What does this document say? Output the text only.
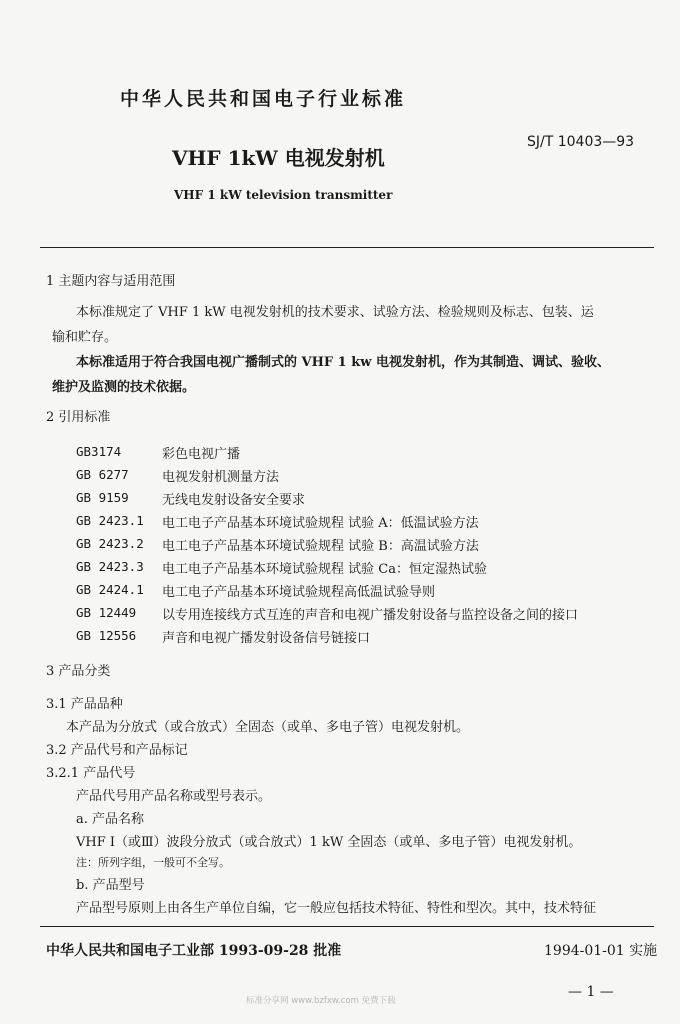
中华人民共和国电子行业标准
SJ/T 10403—93
VHF 1kW 电视发射机
VHF 1 kW television transmitter
1 主题内容与适用范围
本标准规定了 VHF 1 kW 电视发射机的技术要求、试验方法、检验规则及标志、包装、运
输和贮存。
本标准适用于符合我国电视广播制式的 VHF 1 kw 电视发射机，作为其制造、调试、验收、
维护及监测的技术依据。
2 引用标准
GB3174	彩色电视广播
GB 6277	电视发射机测量方法
GB 9159	无线电发射设备安全要求
GB 2423.1 电工电子产品基本环境试验规程 试验 A：低温试验方法
GB 2423.2 电工电子产品基本环境试验规程 试验 B：高温试验方法
GB 2423.3 电工电子产品基本环境试验规程 试验 Ca：恒定湿热试验
GB 2424.1 电工电子产品基本环境试验规程高低温试验导则
GB 12449 以专用连接线方式互连的声音和电视广播发射设备与监控设备之间的接口
GB 12556 声音和电视广播发射设备信号链接口
3 产品分类
3.1 产品品种
本产品为分放式（或合放式）全固态（或单、多电子管）电视发射机。
3.2 产品代号和产品标记
3.2.1 产品代号
产品代号用产品名称或型号表示。
a. 产品名称
VHF Ⅰ（或Ⅲ）波段分放式（或合放式）1 kW 全固态（或单、多电子管）电视发射机。
注：所列字组，一般可不全写。
b. 产品型号
产品型号原则上由各生产单位自编，它一般应包括技术特征、特性和型次。其中，技术特征
中华人民共和国电子工业部 1993-09-28 批准	1994-01-01 实施
— 1 —
标准分享网 www.bzfxw.com 免费下载
